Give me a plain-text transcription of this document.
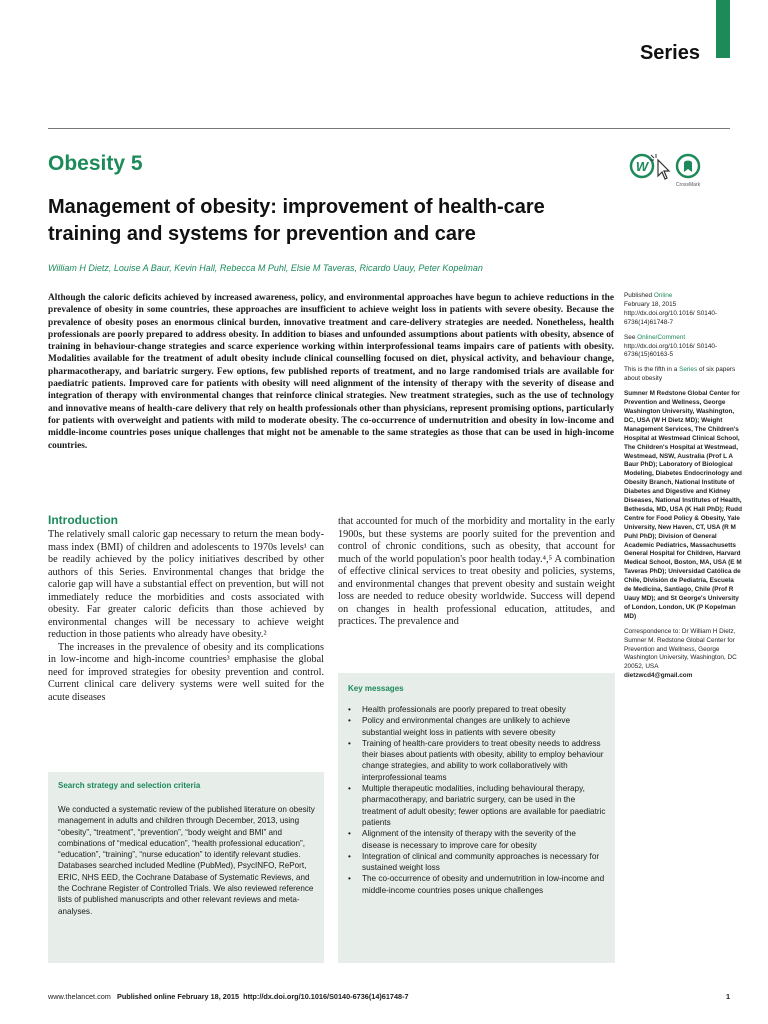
Series
Obesity 5	W
CrossMark
Management of obesity: improvement of health-care training and systems for prevention and care
William H Dietz, Louise A Baur, Kevin Hall, Rebecca M Puhl, Elsie M Taveras, Ricardo Uauy, Peter Kopelman
Although the caloric deficits achieved by increased awareness, policy, and environmental approaches have begun to achieve reductions in the prevalence of obesity in some countries, these approaches are insufficient to achieve weight loss in patients with severe obesity. Because the prevalence of obesity poses an enormous clinical burden, innovative treatment and care-delivery strategies are needed. Nonetheless, health professionals are poorly prepared to address obesity. In addition to biases and unfounded assumptions about patients with obesity, absence of training in behaviour-change strategies and scarce experience working within interprofessional teams impairs care of patients with obesity. Modalities available for the treatment of adult obesity include clinical counselling focused on diet, physical activity, and behaviour change, pharmacotherapy, and bariatric surgery. Few options, few published reports of treatment, and no large randomised trials are available for paediatric patients. Improved care for patients with obesity will need alignment of the intensity of therapy with the severity of disease and integration of therapy with environmental changes that reinforce clinical strategies. New treatment strategies, such as the use of technology and innovative means of health-care delivery that rely on health professionals other than physicians, represent promising options, particularly for patients with overweight and patients with mild to moderate obesity. The co-occurrence of undernutrition and obesity in low-income and middle-income countries poses unique challenges that might not be amenable to the same strategies as those that can be used in high-income countries.
Published Online
February 18, 2015
http://dx.doi.org/10.1016/ S0140-6736(14)61748-7
See Online/Comment
http://dx.doi.org/10.1016/ S0140-6736(15)60163-5
This is the fifth in a Series of six papers about obesity
Sumner M Redstone Global Center for Prevention and Wellness, George Washington University, Washington, DC, USA (W H Dietz MD); Weight Management Services, The Children's Hospital at Westmead Clinical School, The Children's Hospital at Westmead, Westmead, NSW, Australia (Prof L A Baur PhD); Laboratory of Biological Modeling, Diabetes Endocrinology and Obesity Branch, National Institute of Diabetes and Digestive and Kidney Diseases, National Institutes of Health, Bethesda, MD, USA (K Hall PhD); Rudd Centre for Food Policy & Obesity, Yale University, New Haven, CT, USA (R M Puhl PhD); Division of General Academic Pediatrics, Massachusetts General Hospital for Children, Harvard Medical School, Boston, MA, USA (E M Taveras PhD); Universidad Católica de Chile, División de Pediatría, Escuela de Medicina, Santiago, Chile (Prof R Uauy MD); and St George's University of London, London, UK (P Kopelman MD)
Correspondence to: Dr William H Dietz, Sumner M. Redstone Global Center for Prevention and Wellness, George Washington University, Washington, DC 20052, USA
dietzwcd4@gmail.com
Introduction

The relatively small caloric gap necessary to return the mean body-mass index (BMI) of children and adolescents to 1970s levels¹ can be readily achieved by the policy initiatives described by other authors of this Series. Environmental changes that bridge the calorie gap will have a substantial effect on prevention, but will not immediately reduce the morbidities and costs associated with obesity. Far greater caloric deficits than those achieved by environmental changes will be necessary to achieve weight reduction in those patients who already have obesity.²

The increases in the prevalence of obesity and its complications in low-income and high-income countries³ emphasise the global need for improved strategies for obesity prevention and control. Current clinical care delivery systems were well suited for the acute diseases

that accounted for much of the morbidity and mortality in the early 1900s, but these systems are poorly suited for the prevention and control of chronic conditions, such as obesity, that account for much of the world population's poor health today.⁴,⁵ A combination of effective clinical services to treat obesity and policies, systems, and environmental changes that prevent obesity and sustain weight loss are needed to reduce obesity worldwide. Success will depend on changes in health professional education, attitudes, and practices. The prevalence and

Search strategy and selection criteria
We conducted a systematic review of the published literature on obesity management in adults and children through December, 2013, using “obesity”, “treatment”, “prevention”, “body weight and BMI” and combinations of “medical education”, “health professional education”, “education”, “training”, “nurse education” to identify relevant studies. Databases searched included Medline (PubMed), PsycINFO, RePort, ERIC, NHS EED, the Cochrane Database of Systematic Reviews, and the Cochrane Register of Controlled Trials. We also reviewed reference lists of published manuscripts and other relevant reviews and meta-analyses.
Key messages
• Health professionals are poorly prepared to treat obesity
• Policy and environmental changes are unlikely to achieve substantial weight loss in patients with severe obesity
• Training of health-care providers to treat obesity needs to address their biases about patients with obesity, ability to employ behaviour change strategies, and ability to work collaboratively with interprofessional teams
• Multiple therapeutic modalities, including behavioural therapy, pharmacotherapy, and bariatric surgery, can be used in the treatment of adult obesity; fewer options are available for paediatric patients
• Alignment of the intensity of therapy with the severity of the disease is necessary to improve care for obesity
• Integration of clinical and community approaches is necessary for sustained weight loss
• The co-occurrence of obesity and undernutrition in low-income and middle-income countries poses unique challenges
www.thelancet.com Published online February 18, 2015 http://dx.doi.org/10.1016/S0140-6736(14)61748-7	1
